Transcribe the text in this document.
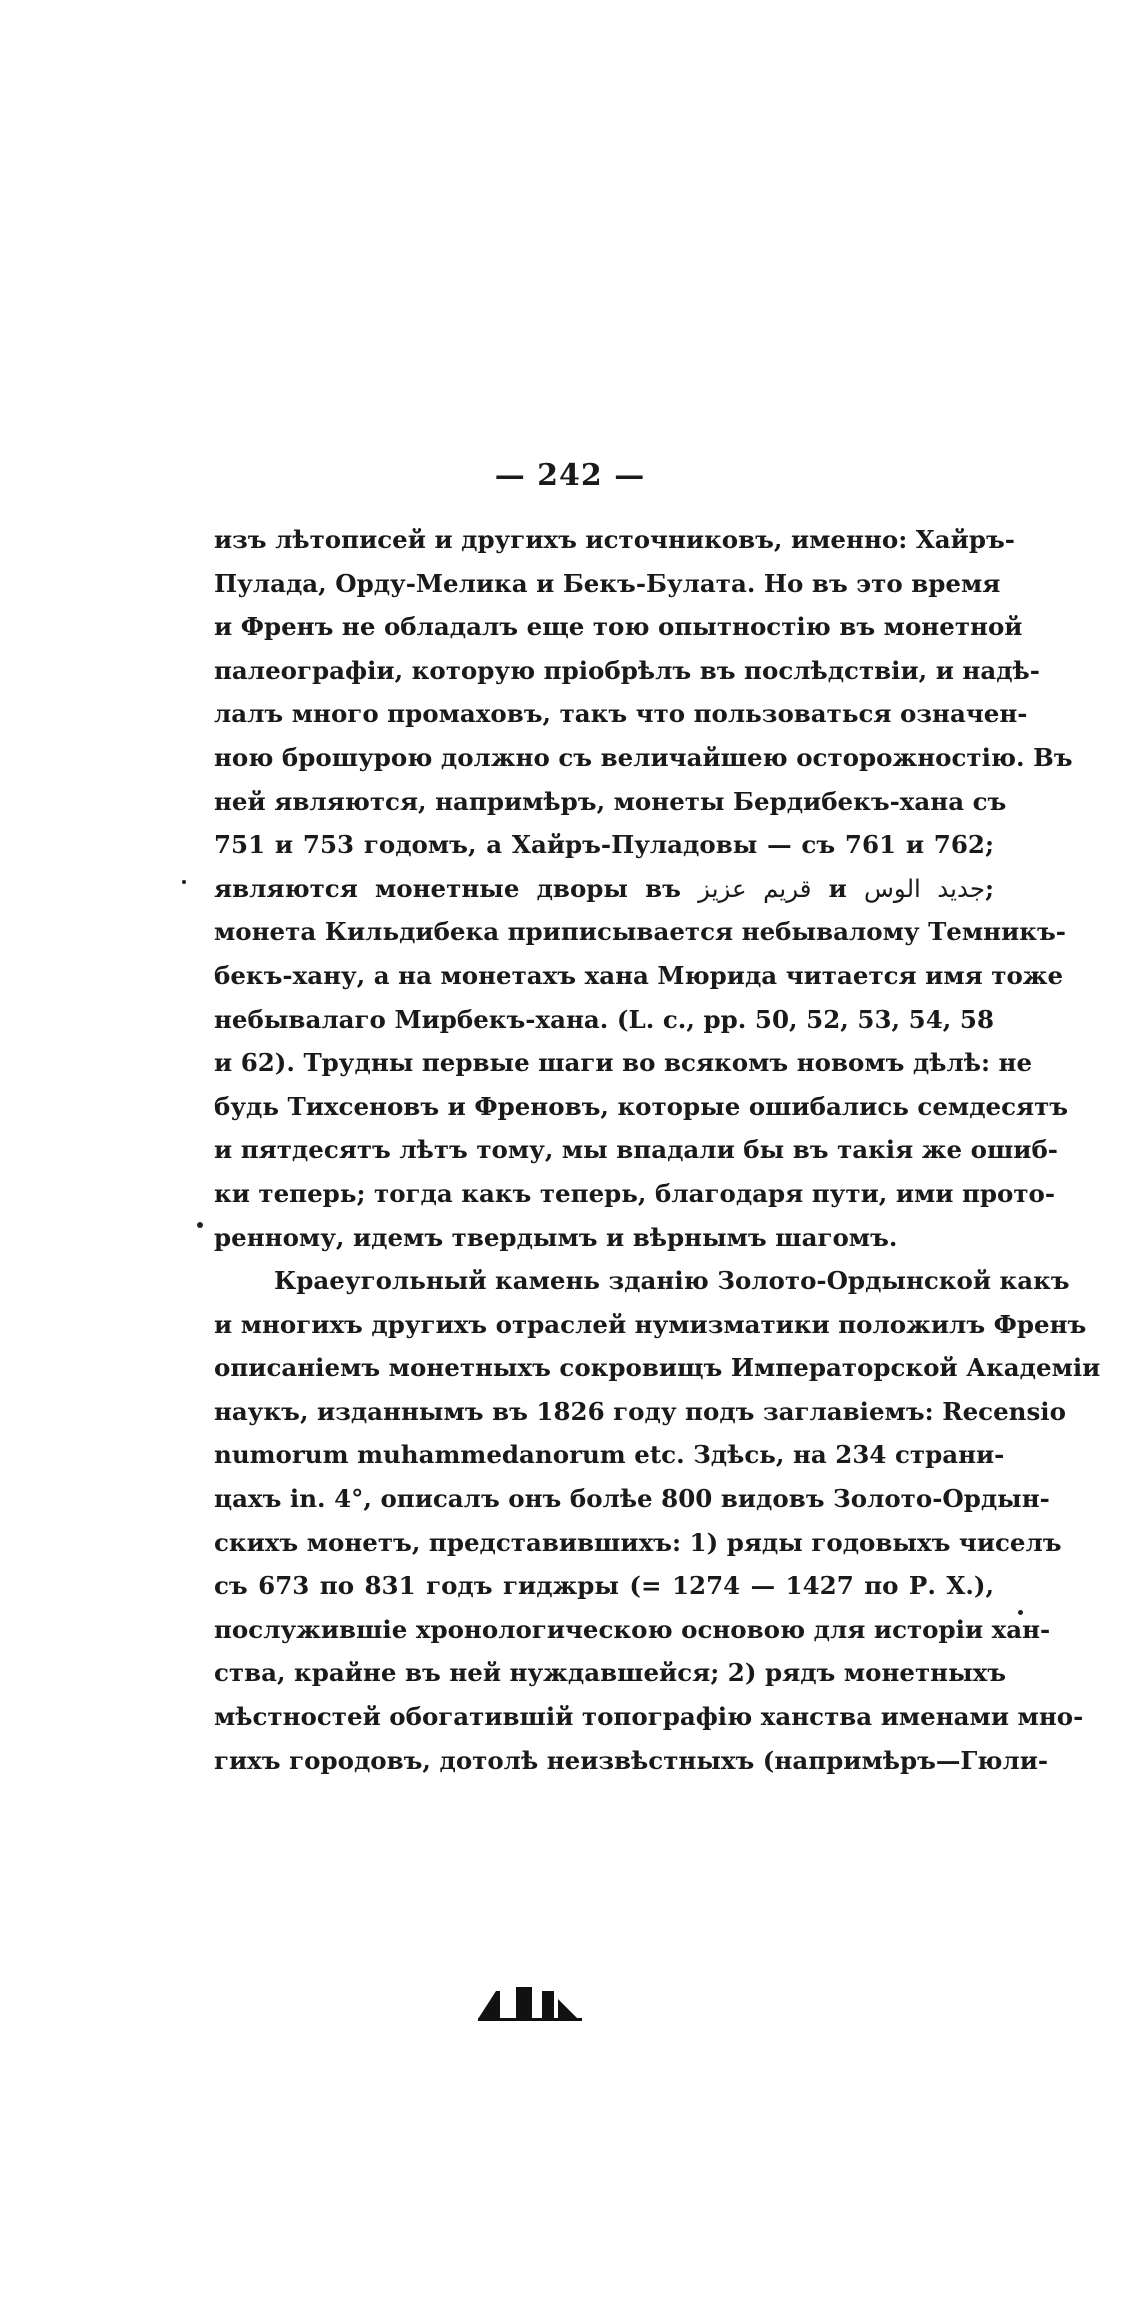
— 242 —
изъ лѣтописей и другихъ источниковъ, именно: Хайръ-
Пулада, Орду-Мелика и Бекъ-Булата. Но въ это время
и Френъ не обладалъ еще тою опытностію въ монетной
палеографіи, которую пріобрѣлъ въ послѣдствіи, и надѣ-
лалъ много промаховъ, такъ что пользоваться означен-
ною брошурою должно съ величайшею осторожностію. Въ
ней являются, напримѣръ, монеты Бердибекъ-хана съ
751 и 753 годомъ, а Хайръ-Пуладовы — съ 761 и 762;
являются монетные дворы въ قريم عزيز и جديد الوس;
монета Кильдибека приписывается небывалому Темникъ-
бекъ-хану, а на монетахъ хана Мюрида читается имя тоже
небывалаго Мирбекъ-хана. (L. c., pp. 50, 52, 53, 54, 58
и 62). Трудны первые шаги во всякомъ новомъ дѣлѣ: не
будь Тихсеновъ и Френовъ, которые ошибались семдесятъ
и пятдесятъ лѣтъ тому, мы впадали бы въ такія же ошиб-
ки теперь; тогда какъ теперь, благодаря пути, ими прото-
ренному, идемъ твердымъ и вѣрнымъ шагомъ.
Краеугольный камень зданію Золото-Ордынской какъ
и многихъ другихъ отраслей нумизматики положилъ Френъ
описаніемъ монетныхъ сокровищъ Императорской Академіи
наукъ, изданнымъ въ 1826 году подъ заглавіемъ: Recensio
numorum muhammedanorum etc. Здѣсь, на 234 страни-
цахъ in. 4°, описалъ онъ болѣе 800 видовъ Золото-Ордын-
скихъ монетъ, представившихъ: 1) ряды годовыхъ чиселъ
съ 673 по 831 годъ гиджры (= 1274 — 1427 по Р. Х.),
послужившіе хронологическою основою для исторіи хан-
ства, крайне въ ней нуждавшейся; 2) рядъ монетныхъ
мѣстностей обогатившій топографію ханства именами мно-
гихъ городовъ, дотолѣ неизвѣстныхъ (напримѣръ—Гюли-
